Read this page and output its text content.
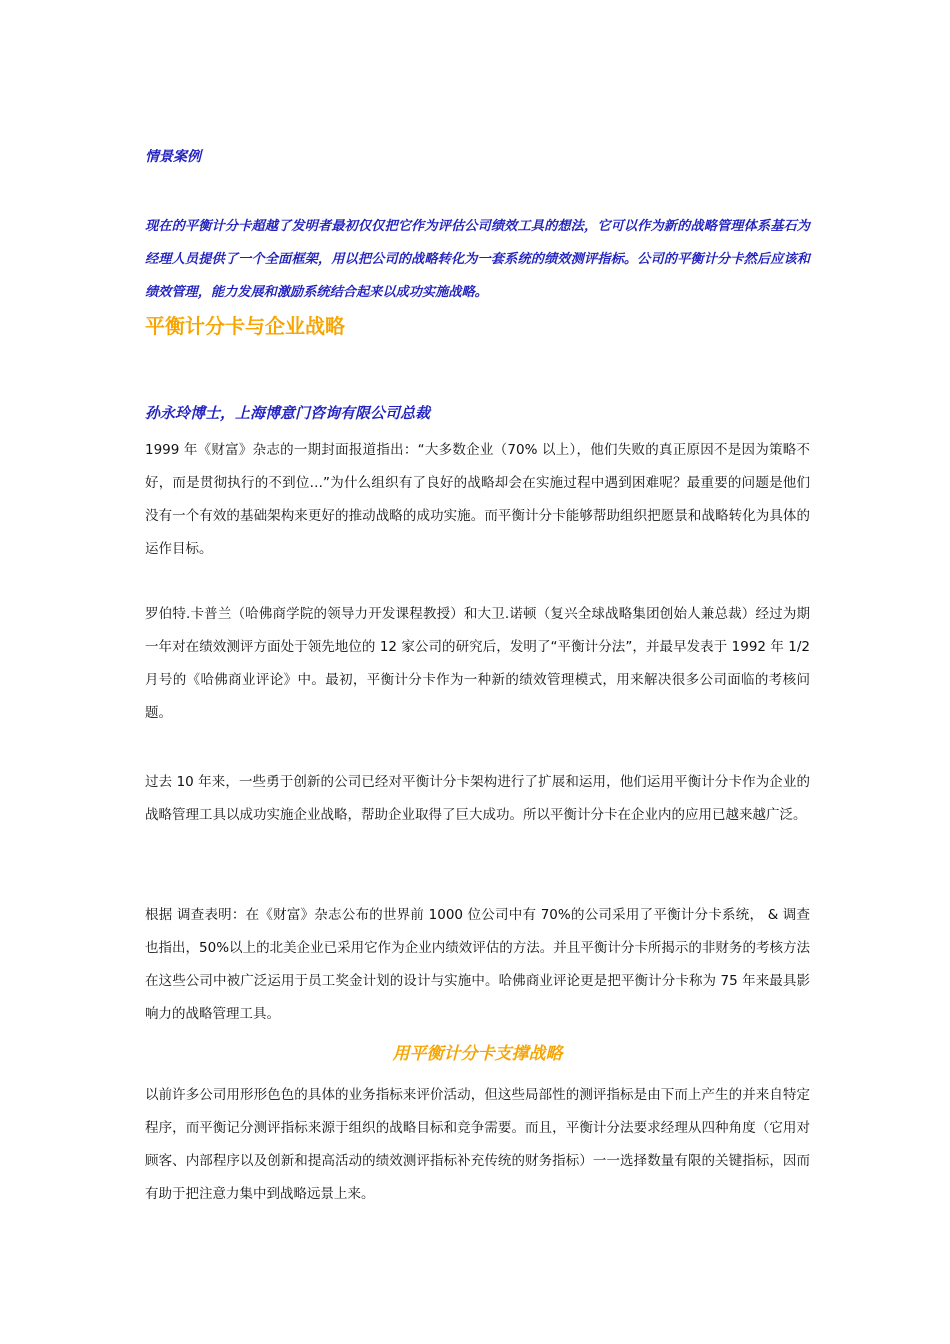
情景案例
现在的平衡计分卡超越了发明者最初仅仅把它作为评估公司绩效工具的想法，它可以作为新的战略管理体系基石为经理人员提供了一个全面框架，用以把公司的战略转化为一套系统的绩效测评指标。公司的平衡计分卡然后应该和绩效管理，能力发展和激励系统结合起来以成功实施战略。
平衡计分卡与企业战略
孙永玲博士，上海博意门咨询有限公司总裁
1999 年《财富》杂志的一期封面报道指出：“大多数企业（70% 以上），他们失败的真正原因不是因为策略不好，而是贯彻执行的不到位…”为什么组织有了良好的战略却会在实施过程中遇到困难呢？最重要的问题是他们没有一个有效的基础架构来更好的推动战略的成功实施。而平衡计分卡能够帮助组织把愿景和战略转化为具体的运作目标。
罗伯特.卡普兰（哈佛商学院的领导力开发课程教授）和大卫.诺顿（复兴全球战略集团创始人兼总裁）经过为期一年对在绩效测评方面处于领先地位的 12 家公司的研究后，发明了“平衡计分法”，并最早发表于 1992 年 1/2 月号的《哈佛商业评论》中。最初，平衡计分卡作为一种新的绩效管理模式，用来解决很多公司面临的考核问题。
过去 10 年来，一些勇于创新的公司已经对平衡计分卡架构进行了扩展和运用，他们运用平衡计分卡作为企业的战略管理工具以成功实施企业战略，帮助企业取得了巨大成功。所以平衡计分卡在企业内的应用已越来越广泛。
根据 调查表明：在《财富》杂志公布的世界前 1000 位公司中有 70%的公司采用了平衡计分卡系统， & 调查也指出，50%以上的北美企业已采用它作为企业内绩效评估的方法。并且平衡计分卡所揭示的非财务的考核方法在这些公司中被广泛运用于员工奖金计划的设计与实施中。哈佛商业评论更是把平衡计分卡称为 75 年来最具影响力的战略管理工具。
用平衡计分卡支撑战略
以前许多公司用形形色色的具体的业务指标来评价活动，但这些局部性的测评指标是由下而上产生的并来自特定程序，而平衡记分测评指标来源于组织的战略目标和竞争需要。而且，平衡计分法要求经理从四种角度（它用对顾客、内部程序以及创新和提高活动的绩效测评指标补充传统的财务指标）一一选择数量有限的关键指标，因而有助于把注意力集中到战略远景上来。
